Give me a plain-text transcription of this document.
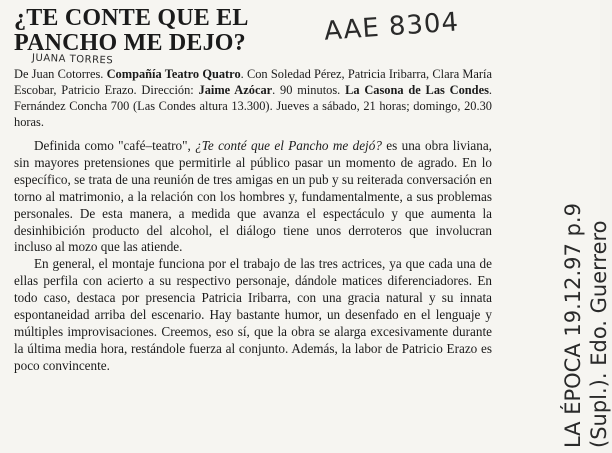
¿TE CONTE QUE EL
PANCHO ME DEJO?
JUANA TORRES
AAE 8304
LA ÉPOCA 19.12.97 p.9 (Supl.). Edo. Guerrero

De Juan Cotorres. Compañía Teatro Quatro. Con Soledad Pérez, Patricia Iribarra, Clara María Escobar, Patricio Erazo. Dirección: Jaime Azócar. 90 minutos. La Casona de Las Condes. Fernández Concha 700 (Las Condes altura 13.300). Jueves a sábado, 21 horas; domingo, 20.30 horas.

Definida como "café–teatro", ¿Te conté que el Pancho me dejó? es una obra liviana, sin mayores pretensiones que permitirle al público pasar un momento de agrado. En lo específico, se trata de una reunión de tres amigas en un pub y su reiterada conversación en torno al matrimonio, a la relación con los hombres y, fundamentalmente, a sus problemas personales. De esta manera, a medida que avanza el espectáculo y que aumenta la desinhibición producto del alcohol, el diálogo tiene unos derroteros que involucran incluso al mozo que las atiende.

En general, el montaje funciona por el trabajo de las tres actrices, ya que cada una de ellas perfila con acierto a su respectivo personaje, dándole matices diferenciadores. En todo caso, destaca por presencia Patricia Iribarra, con una gracia natural y su innata espontaneidad arriba del escenario. Hay bastante humor, un desenfado en el lenguaje y múltiples improvisaciones. Creemos, eso sí, que la obra se alarga excesivamente durante la última media hora, restándole fuerza al conjunto. Además, la labor de Patricio Erazo es poco convincente.
